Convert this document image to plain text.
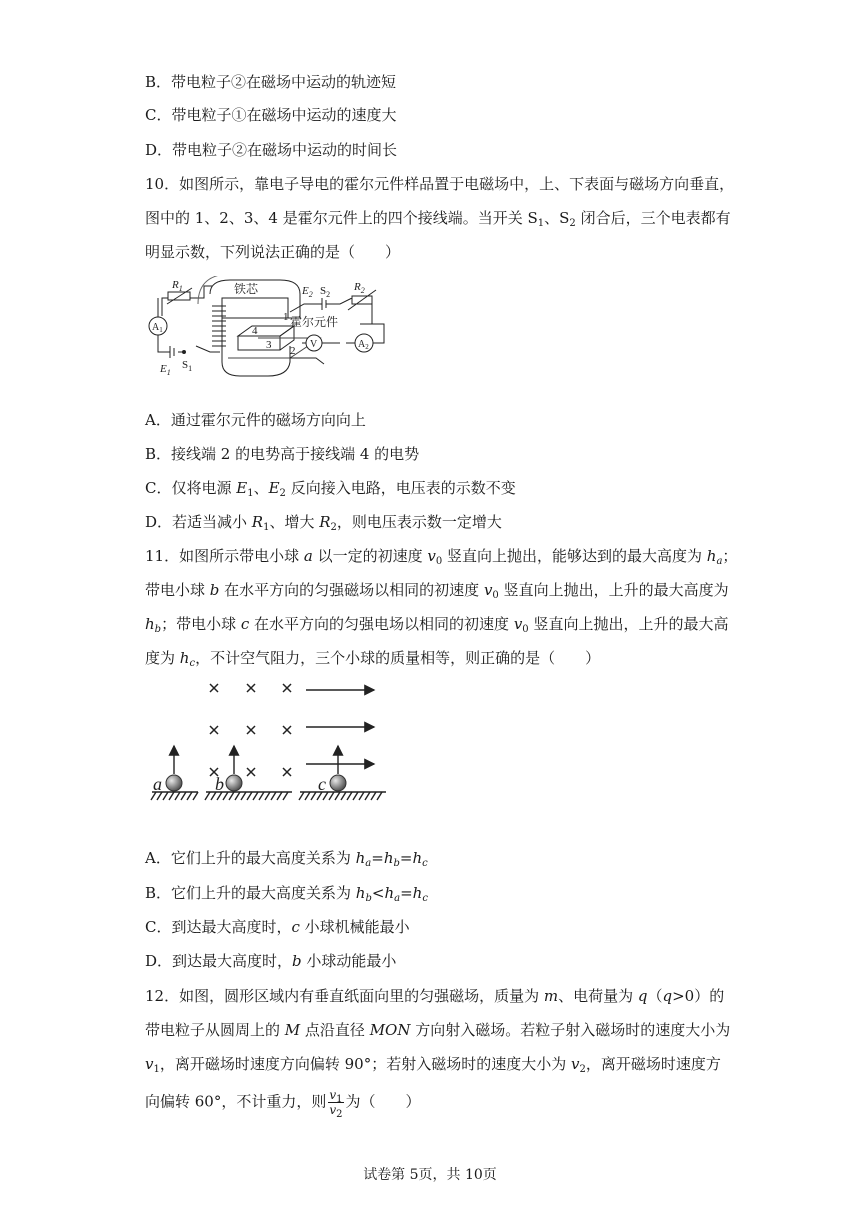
B．带电粒子②在磁场中运动的轨迹短
C．带电粒子①在磁场中运动的速度大
D．带电粒子②在磁场中运动的时间长
10．如图所示，靠电子导电的霍尔元件样品置于电磁场中，上、下表面与磁场方向垂直，
图中的 1、2、3、4 是霍尔元件上的四个接线端。当开关 $S_1$、$S_2$ 闭合后，三个电表都有
明显示数，下列说法正确的是（　　）
$R_1$
$A_1$
铁芯	$E_2$ $S_2$
$R_2$
霍尔元件
1
2
3
4
V	$A_2$
$E_1$
$S_1$
A．通过霍尔元件的磁场方向向上
B．接线端 2 的电势高于接线端 4 的电势
C．仅将电源 $E_1$、$E_2$ 反向接入电路，电压表的示数不变
D．若适当减小 $R_1$、增大 $R_2$，则电压表示数一定增大
11．如图所示带电小球 a 以一定的初速度 $v_0$ 竖直向上抛出，能够达到的最大高度为 $h_a$；
带电小球 b 在水平方向的匀强磁场以相同的初速度 $v_0$ 竖直向上抛出，上升的最大高度为
$h_b$；带电小球 c 在水平方向的匀强电场以相同的初速度 $v_0$ 竖直向上抛出，上升的最大高
度为 $h_c$，不计空气阻力，三个小球的质量相等，则正确的是（　　）
a	b	c
A．它们上升的最大高度关系为 $h_a=h_b=h_c$
B．它们上升的最大高度关系为 $h_b<h_a=h_c$
C．到达最大高度时，c 小球机械能最小
D．到达最大高度时，b 小球动能最小
12．如图，圆形区域内有垂直纸面向里的匀强磁场，质量为 m、电荷量为 q（q>0）的
带电粒子从圆周上的 M 点沿直径 MON 方向射入磁场。若粒子射入磁场时的速度大小为
$v_1$，离开磁场时速度方向偏转 90°；若射入磁场时的速度大小为 $v_2$，离开磁场时速度方
向偏转 60°，不计重力，则 $\frac{v_1}{v_2}$ 为（　　）
试卷第 5页，共 10页
